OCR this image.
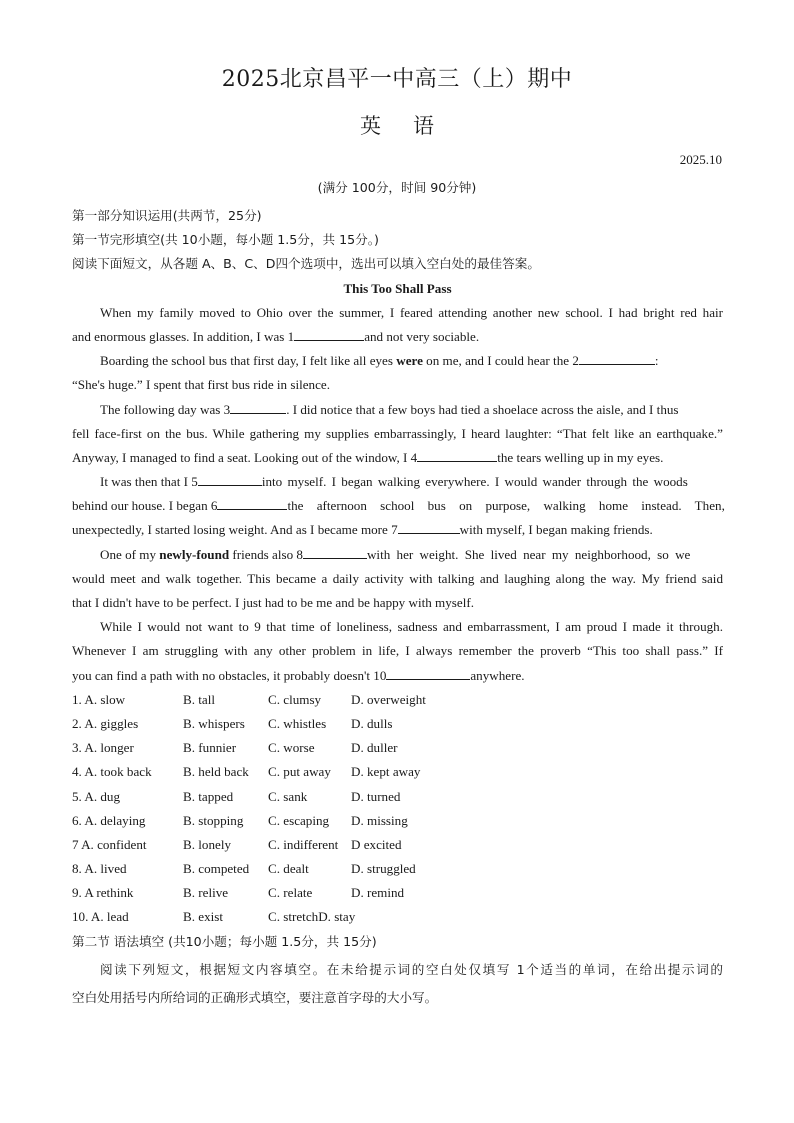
2025北京昌平一中高三（上）期中
英语
2025.10
(满分 100分，时间 90分钟)
第一部分知识运用(共两节，25分)
第一节完形填空(共 10小题，每小题 1.5分，共 15分。)
阅读下面短文，从各题 A、B、C、D四个选项中，选出可以填入空白处的最佳答案。
This Too Shall Pass
When my family moved to Ohio over the summer, I feared attending another new school. I had bright red hair
and enormous glasses. In addition, I was 1	and not very sociable.
Boarding the school bus that first day, I felt like all eyes were on me, and I could hear the 2	:
“She's huge.” I spent that first bus ride in silence.
The following day was 3	. I did notice that a few boys had tied a shoelace across the aisle, and I thus
fell face-first on the bus. While gathering my supplies embarrassingly, I heard laughter: “That felt like an earthquake.”
Anyway, I managed to find a seat. Looking out of the window, I 4	the tears welling up in my eyes.
It was then that I 5	into myself. I began walking everywhere. I would wander through the woods
behind our house. I began 6	the afternoon school bus on purpose, walking home instead. Then,
unexpectedly, I started losing weight. And as I became more 7	with myself, I began making friends.
One of my newly-found friends also 8	with her weight. She lived near my neighborhood, so we
would meet and walk together. This became a daily activity with talking and laughing along the way. My friend said
that I didn't have to be perfect. I just had to be me and be happy with myself.
While I would not want to 9 that time of loneliness, sadness and embarrassment, I am proud I made it through.
Whenever I am struggling with any other problem in life, I always remember the proverb “This too shall pass.” If
you can find a path with no obstacles, it probably doesn't 10	anywhere.
1. A. slow	B. tall	C. clumsy	D. overweight
2. A. giggles	B. whispers	C. whistles	D. dulls
3. A. longer	B. funnier	C. worse	D. duller
4. A. took back	B. held back	C. put away	D. kept away
5. A. dug	B. tapped	C. sank	D. turned
6. A. delaying	B. stopping	C. escaping	D. missing
7 A. confident	B. lonely	C. indifferent D excited
8. A. lived	B. competed	C. dealt	D. struggled
9. A rethink	B. relive	C. relate	D. remind
10. A. lead	B. exist	C. stretch D. stay
第二节 语法填空 (共10小题；每小题 1.5分，共 15分)
阅读下列短文，根据短文内容填空。在未给提示词的空白处仅填写 1个适当的单词，在给出提示词的
空白处用括号内所给词的正确形式填空，要注意首字母的大小写。
